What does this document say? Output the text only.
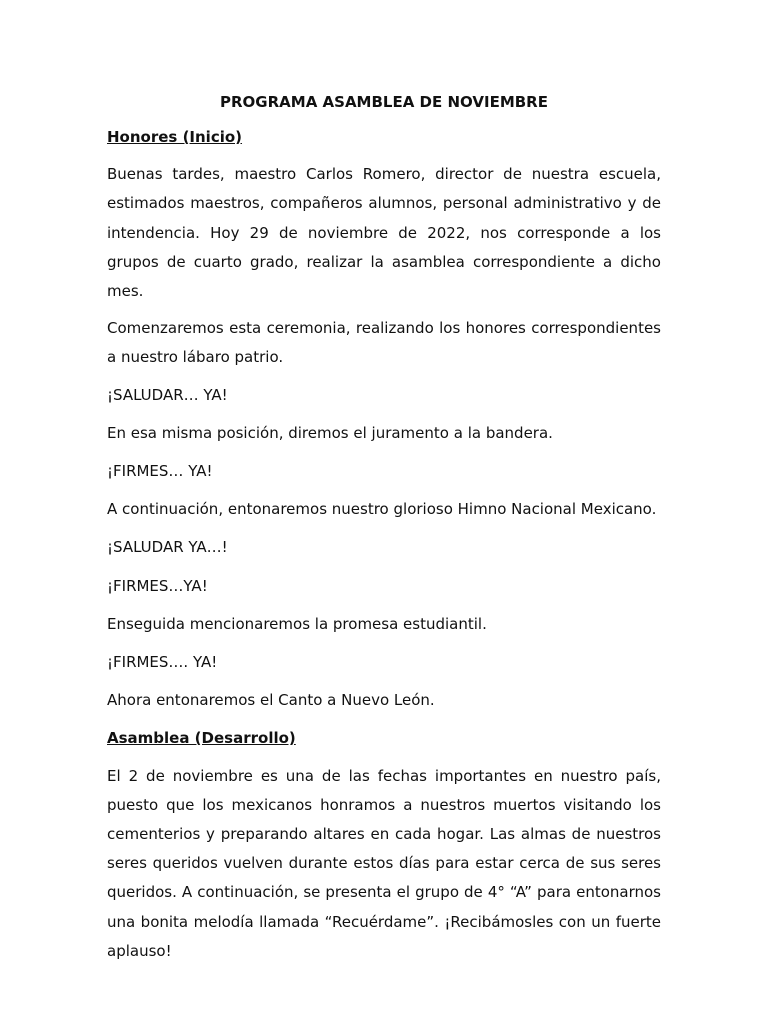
PROGRAMA ASAMBLEA DE NOVIEMBRE
Honores (Inicio)

Buenas tardes, maestro Carlos Romero, director de nuestra escuela, estimados maestros, compañeros alumnos, personal administrativo y de intendencia. Hoy 29 de noviembre de 2022, nos corresponde a los grupos de cuarto grado, realizar la asamblea correspondiente a dicho mes.

Comenzaremos esta ceremonia, realizando los honores correspondientes a nuestro lábaro patrio.

¡SALUDAR… YA!
En esa misma posición, diremos el juramento a la bandera.
¡FIRMES… YA!
A continuación, entonaremos nuestro glorioso Himno Nacional Mexicano.
¡SALUDAR YA…!
¡FIRMES…YA!
Enseguida mencionaremos la promesa estudiantil.
¡FIRMES…. YA!
Ahora entonaremos el Canto a Nuevo León.
Asamblea (Desarrollo)

El 2 de noviembre es una de las fechas importantes en nuestro país, puesto que los mexicanos honramos a nuestros muertos visitando los cementerios y preparando altares en cada hogar. Las almas de nuestros seres queridos vuelven durante estos días para estar cerca de sus seres queridos. A continuación, se presenta el grupo de 4° “A” para entonarnos una bonita melodía llamada “Recuérdame”. ¡Recibámosles con un fuerte aplauso!
